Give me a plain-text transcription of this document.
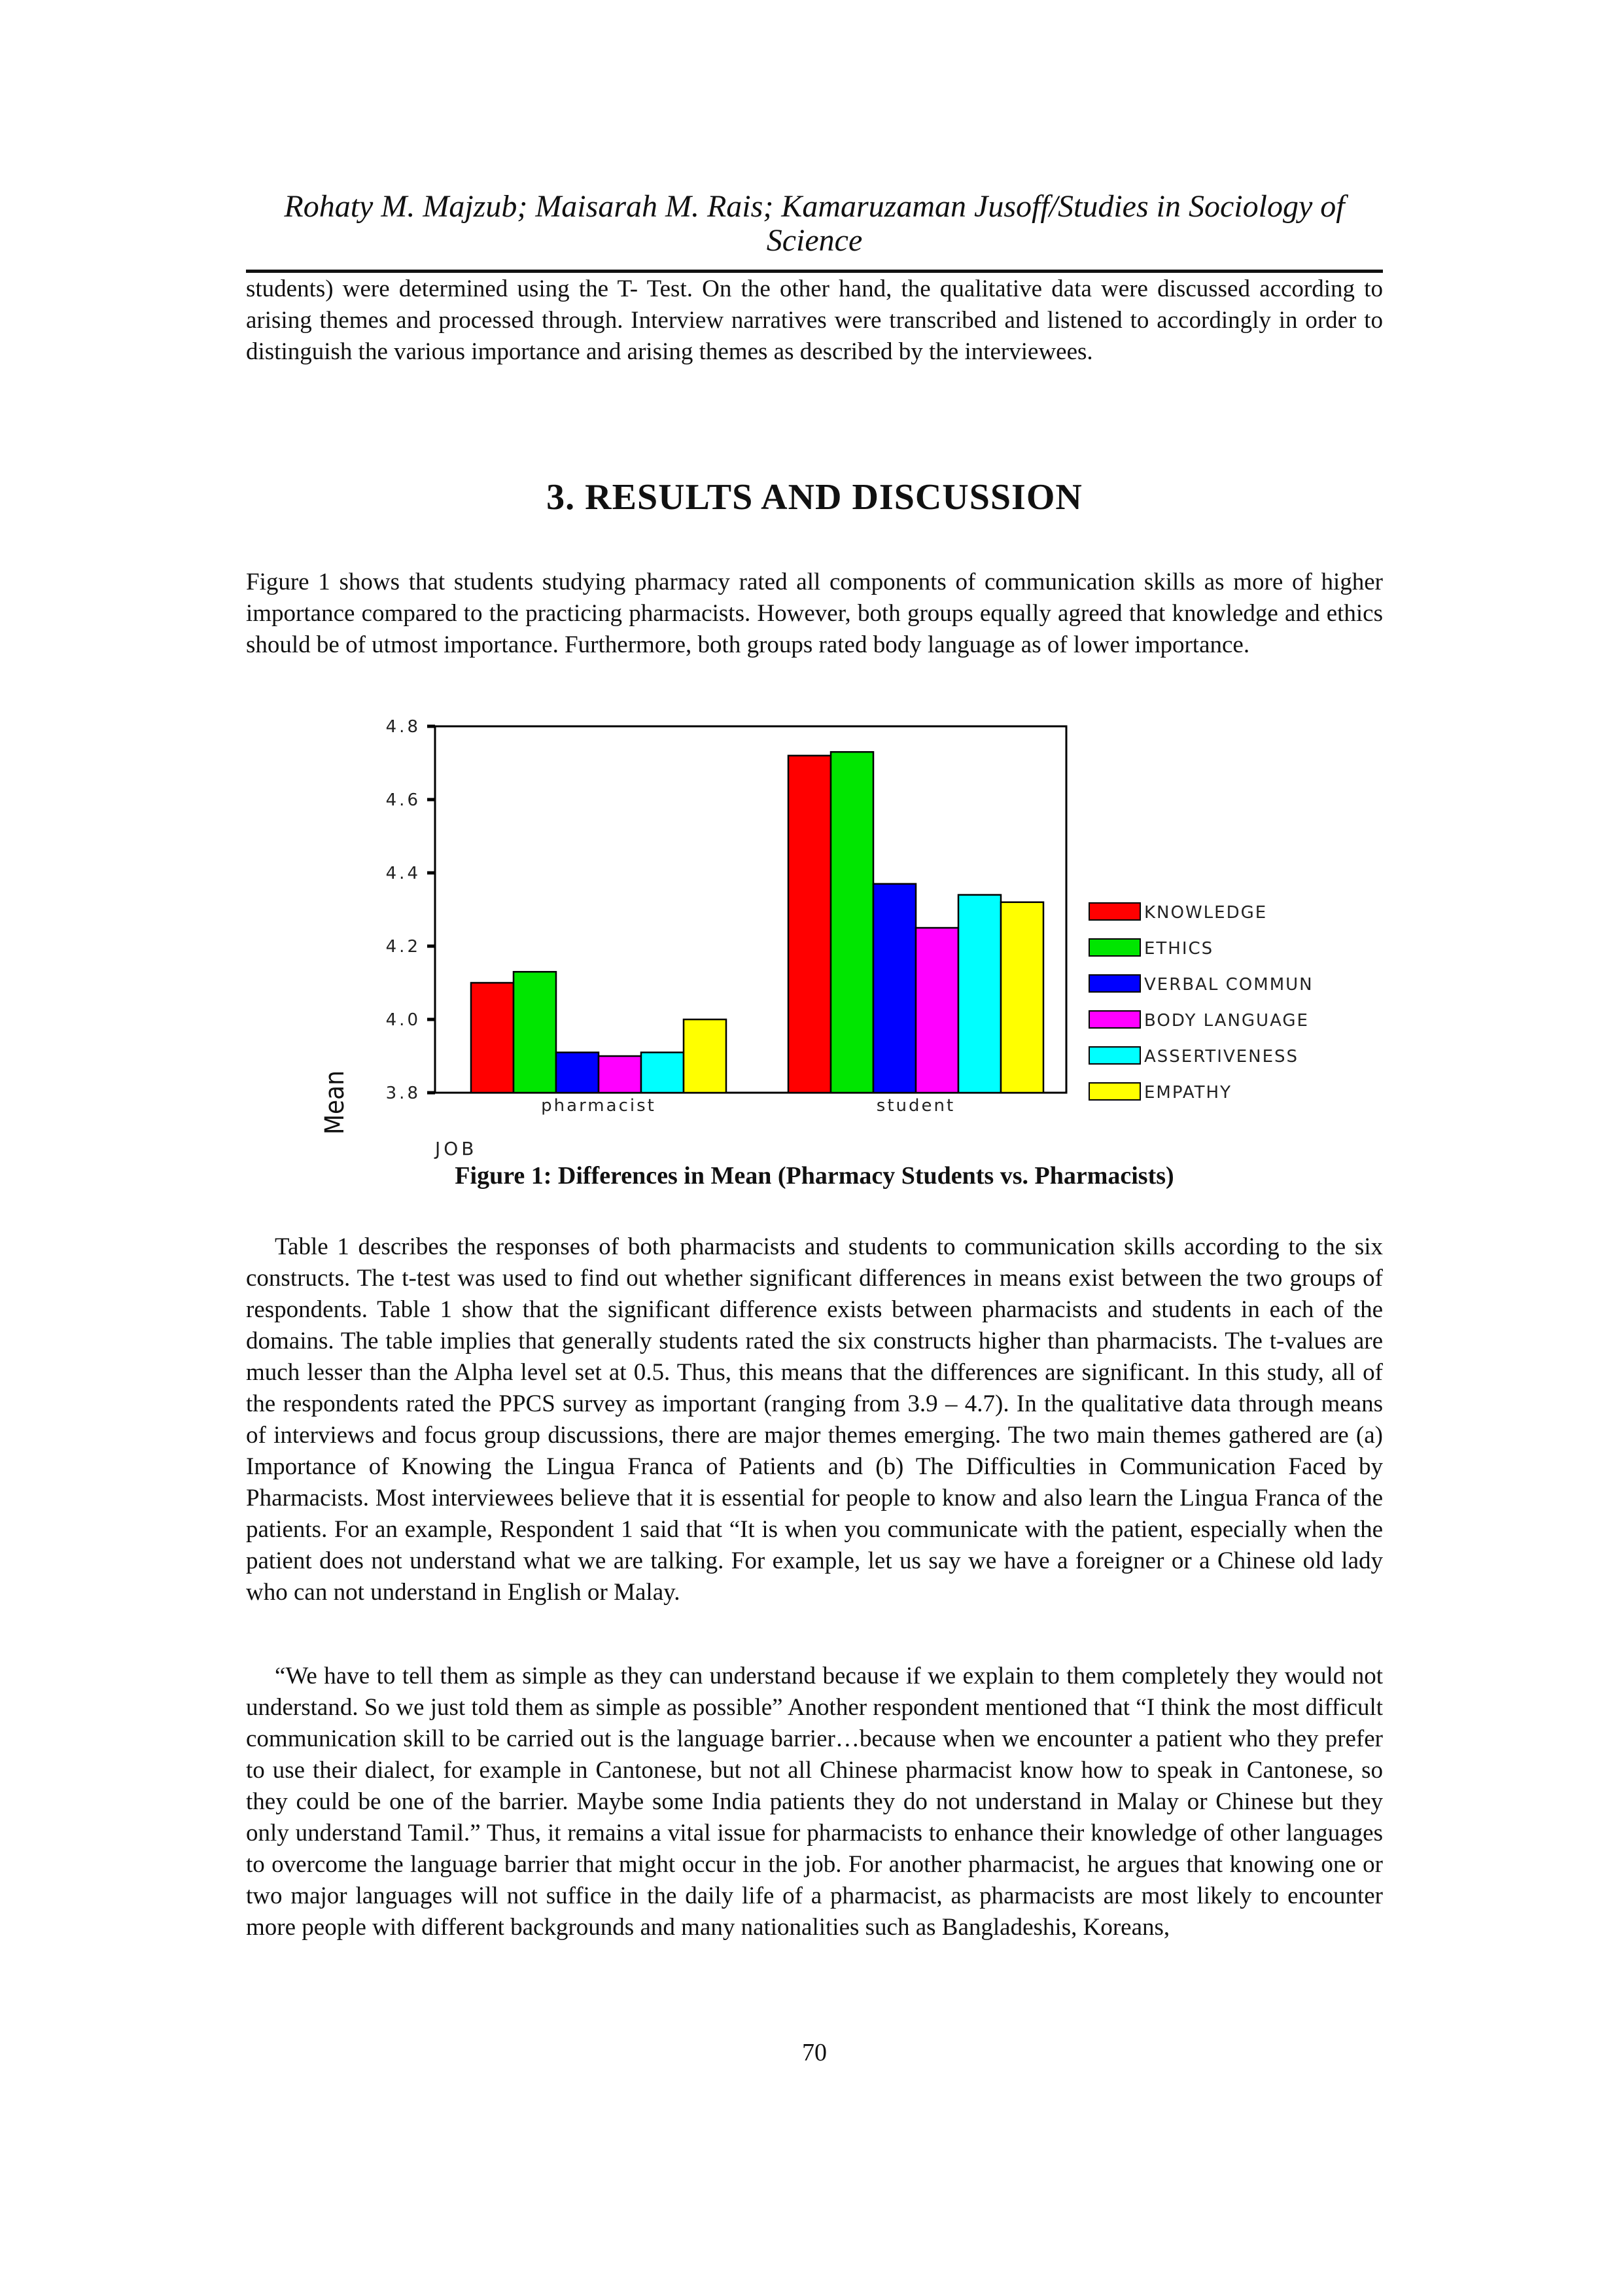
Rohaty M. Majzub; Maisarah M. Rais; Kamaruzaman Jusoff/Studies in Sociology of Science

students) were determined using the T- Test. On the other hand, the qualitative data were discussed according to arising themes and processed through. Interview narratives were transcribed and listened to accordingly in order to distinguish the various importance and arising themes as described by the interviewees.

3. RESULTS AND DISCUSSION

Figure 1 shows that students studying pharmacy rated all components of communication skills as more of higher importance compared to the practicing pharmacists. However, both groups equally agreed that knowledge and ethics should be of utmost importance. Furthermore, both groups rated body language as of lower importance.

3.8
4.0
4.2
4.4
4.6
4.8
Mean	pharmacist	student
JOB
KNOWLEDGE
ETHICS
VERBAL COMMUN
BODY LANGUAGE
ASSERTIVENESS
EMPATHY
Figure 1: Differences in Mean (Pharmacy Students vs. Pharmacists)

Table 1 describes the responses of both pharmacists and students to communication skills according to the six constructs. The t-test was used to find out whether significant differences in means exist between the two groups of respondents. Table 1 show that the significant difference exists between pharmacists and students in each of the domains. The table implies that generally students rated the six constructs higher than pharmacists. The t-values are much lesser than the Alpha level set at 0.5. Thus, this means that the differences are significant. In this study, all of the respondents rated the PPCS survey as important (ranging from 3.9 – 4.7). In the qualitative data through means of interviews and focus group discussions, there are major themes emerging. The two main themes gathered are (a) Importance of Knowing the Lingua Franca of Patients and (b) The Difficulties in Communication Faced by Pharmacists. Most interviewees believe that it is essential for people to know and also learn the Lingua Franca of the patients. For an example, Respondent 1 said that “It is when you communicate with the patient, especially when the patient does not understand what we are talking. For example, let us say we have a foreigner or a Chinese old lady who can not understand in English or Malay.

“We have to tell them as simple as they can understand because if we explain to them completely they would not understand. So we just told them as simple as possible” Another respondent mentioned that “I think the most difficult communication skill to be carried out is the language barrier…because when we encounter a patient who they prefer to use their dialect, for example in Cantonese, but not all Chinese pharmacist know how to speak in Cantonese, so they could be one of the barrier. Maybe some India patients they do not understand in Malay or Chinese but they only understand Tamil.” Thus, it remains a vital issue for pharmacists to enhance their knowledge of other languages to overcome the language barrier that might occur in the job. For another pharmacist, he argues that knowing one or two major languages will not suffice in the daily life of a pharmacist, as pharmacists are most likely to encounter more people with different backgrounds and many nationalities such as Bangladeshis, Koreans,

70
